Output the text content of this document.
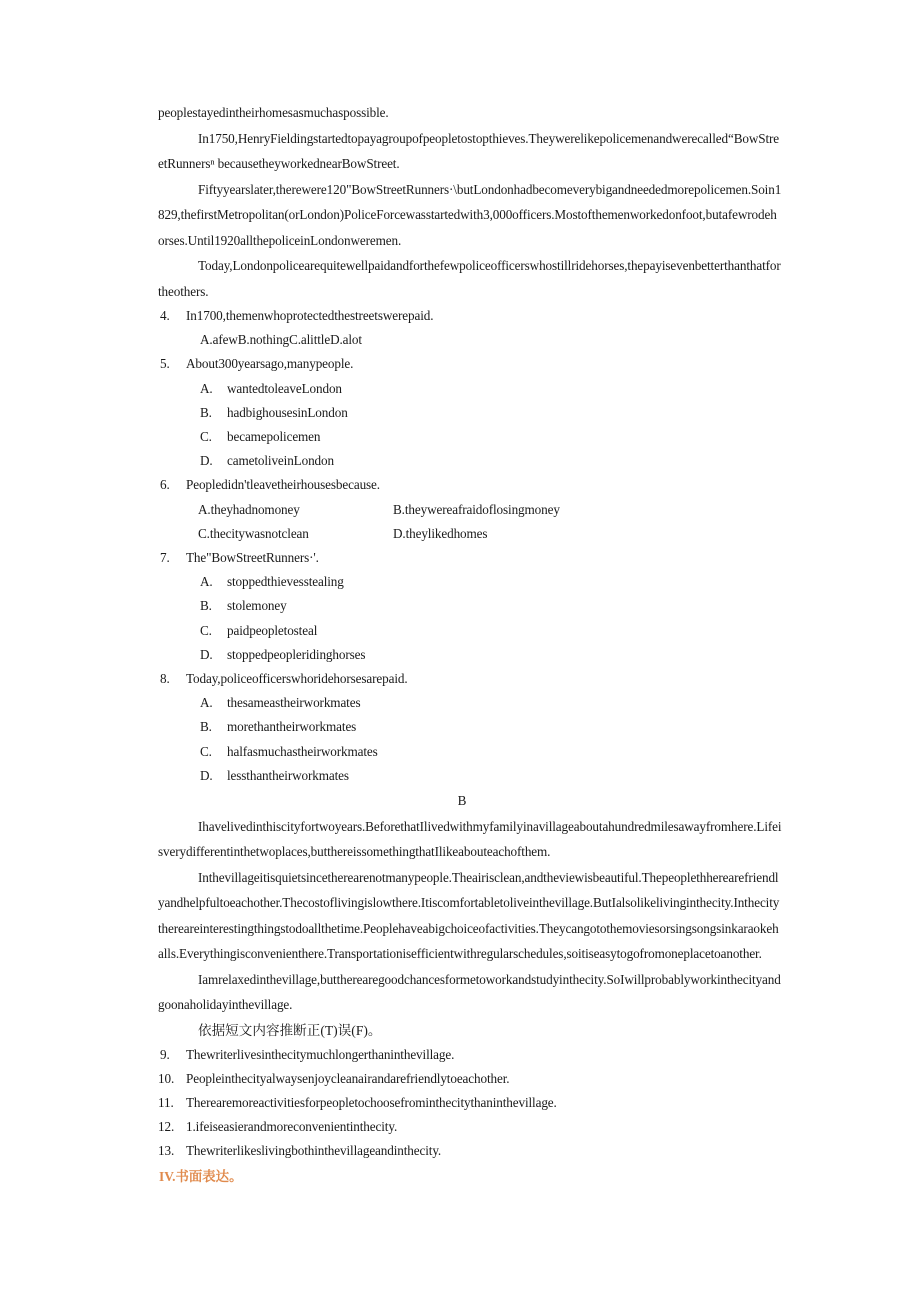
peoplestayedintheirhomesasmuchaspossible.

In1750,HenryFieldingstartedtopayagroupofpeopletostopthieves.Theywerelikepolicemenandwerecalled“BowStreetRunnersⁿ becausetheyworkednearBowStreet.

Fiftyyearslater,therewere120"BowStreetRunners·\butLondonhadbecomeverybigandneededmorepolicemen.Soin1829,thefirstMetropolitan(orLondon)PoliceForcewasstartedwith3,000officers.Mostofthemenworkedonfoot,butafewrodehorses.Until1920allthepoliceinLondonweremen.

Today,Londonpolicearequitewellpaidandforthefewpoliceofficerswhostillridehorses,thepayisevenbetterthanthatfortheothers.

4.	In1700,themenwhoprotectedthestreetswerepaid.
A.afewB.nothingC.alittleD.alot
5.	About300yearsago,manypeople.
A.	wantedtoleaveLondon
B.	hadbighousesinLondon
C.	becamepolicemen
D.	cametoliveinLondon
6.	Peopledidn'tleavetheirhousesbecause.
A.theyhadnomoney	B.theywereafraidoflosingmoney
C.thecitywasnotclean	D.theylikedhomes
7.	The"BowStreetRunners·'.
A.	stoppedthievesstealing
B.	stolemoney
C.	paidpeopletosteal
D.	stoppedpeopleridinghorses
8.	Today,policeofficerswhoridehorsesarepaid.
A.	thesameastheirworkmates
B.	morethantheirworkmates
C.	halfasmuchastheirworkmates
D.	lessthantheirworkmates
B

Ihavelivedinthiscityfortwoyears.BeforethatIlivedwithmyfamilyinavillageaboutahundredmilesawayfromhere.Lifeisverydifferentinthetwoplaces,butthereissomethingthatIlikeabouteachofthem.

Inthevillageitisquietsincetherearenotmanypeople.Theairisclean,andtheviewisbeautiful.Thepeoplethherearefriendlyandhelpfultoeachother.Thecostoflivingislowthere.Itiscomfortabletoliveinthevillage.ButIalsolikelivinginthecity.Inthecitythereareinterestingthingstodoallthetime.Peoplehaveabigchoiceofactivities.Theycangotothemoviesorsingsongsinkaraokehalls.Everythingisconvenienthere.Transportationisefficientwithregularschedules,soitiseasytogofromoneplacetoanother.

Iamrelaxedinthevillage,buttherearegoodchancesformetoworkandstudyinthecity.SoIwillprobablyworkinthecityandgoonaholidayinthevillage.

依据短文内容推断正(T)误(F)。
9.	Thewriterlivesinthecitymuchlongerthaninthevillage.
10. Peopleinthecityalwaysenjoycleanairandarefriendlytoeachother.
11. Therearemoreactivitiesforpeopletochoosefrominthecitythaninthevillage.
12. 1.ifeiseasierandmoreconvenientinthecity.
13. Thewriterlikeslivingbothinthevillageandinthecity.
IV.书面表达。
